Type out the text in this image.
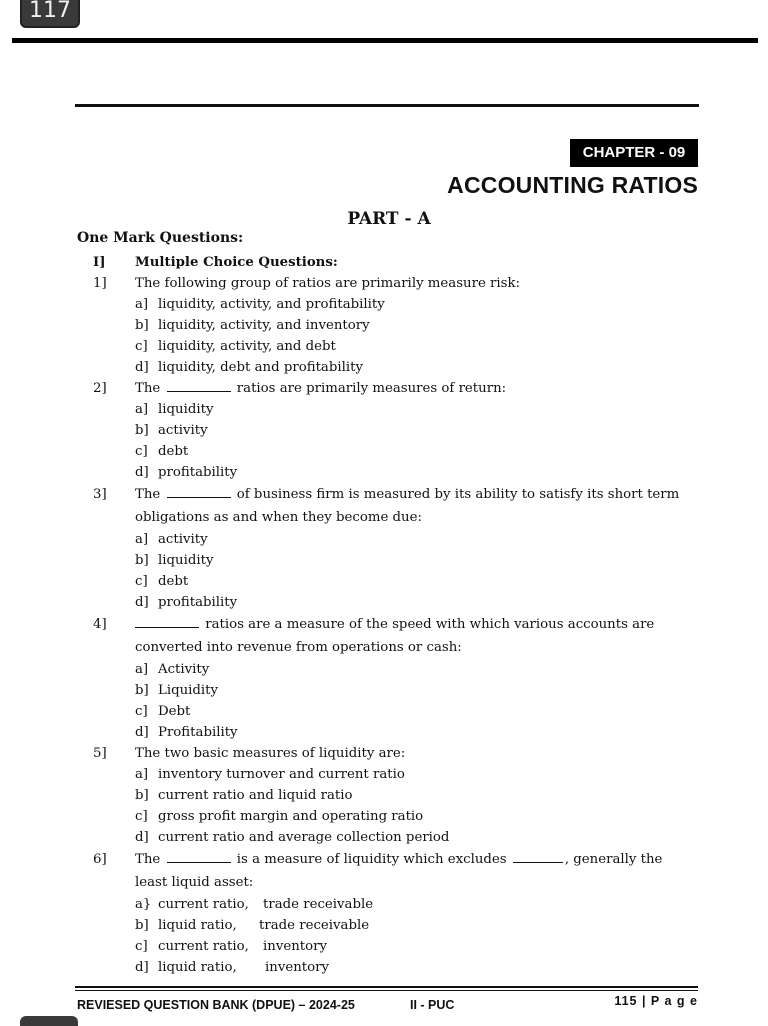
117
CHAPTER - 09
ACCOUNTING RATIOS
PART - A
One Mark Questions:
I] Multiple Choice Questions:
1] The following group of ratios are primarily measure risk:
a] liquidity, activity, and profitability
b] liquidity, activity, and inventory
c] liquidity, activity, and debt
d] liquidity, debt and profitability
2] The	ratios are primarily measures of return:
a] liquidity
b] activity
c] debt
d] profitability
3] The	of business firm is measured by its ability to satisfy its short term obligations as and when they become due:
a] activity
b] liquidity
c] debt
d] profitability
4]	ratios are a measure of the speed with which various accounts are converted into revenue from operations or cash:
a] Activity
b] Liquidity
c] Debt
d] Profitability
5] The two basic measures of liquidity are:
a] inventory turnover and current ratio
b] current ratio and liquid ratio
c] gross profit margin and operating ratio
d] current ratio and average collection period
6] The	is a measure of liquidity which excludes	, generally the least liquid asset:
a} current ratio, trade receivable
b] liquid ratio, trade receivable
c] current ratio, inventory
d] liquid ratio, inventory
REVIESED QUESTION BANK (DPUE) – 2024-25	II - PUC	115 | P a g e
